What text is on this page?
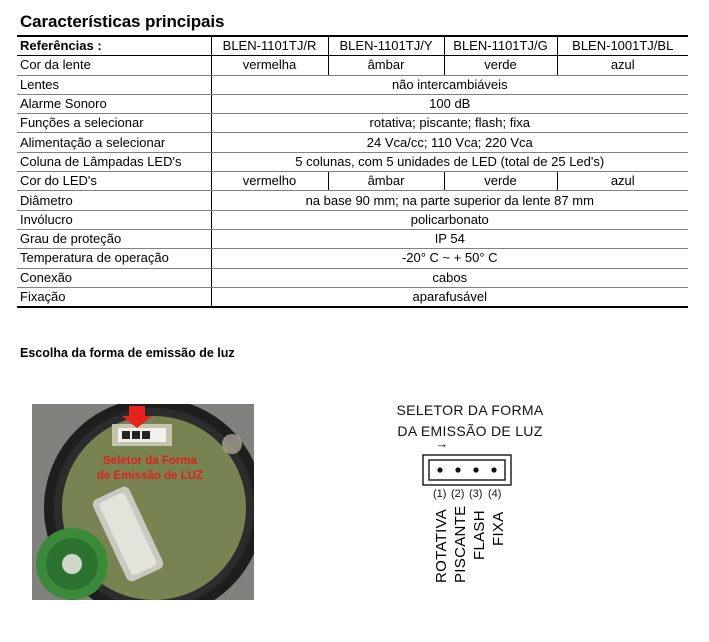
Características principais
Referências :	BLEN-1101TJ/R	BLEN-1101TJ/Y	BLEN-1101TJ/G	BLEN-1001TJ/BL
Cor da lente	vermelha	âmbar	verde	azul
Lentes	não intercambiáveis			
Alarme Sonoro	100 dB			
Funções a selecionar	rotativa; piscante; flash; fixa			
Alimentação a selecionar	24 Vca/cc; 110 Vca; 220 Vca			
Coluna de Lâmpadas LED's	5 colunas, com 5 unidades de LED (total de 25 Led's)			
Cor do LED's	vermelho	âmbar	verde	azul
Diâmetro	na base 90 mm; na parte superior da lente 87 mm			
Invólucro	policarbonato			
Grau de proteção	IP 54			
Temperatura de operação	-20° C ~ + 50° C			
Conexão	cabos			
Fixação	aparafusável			
Escolha da forma de emissão de luz
Seletor da Forma
de Emissão de LUZ
SELETOR DA FORMA
DA EMISSÃO DE LUZ
→
(1) (2) (3) (4)
ROTATIVA PISCANTE FLASH FIXA
